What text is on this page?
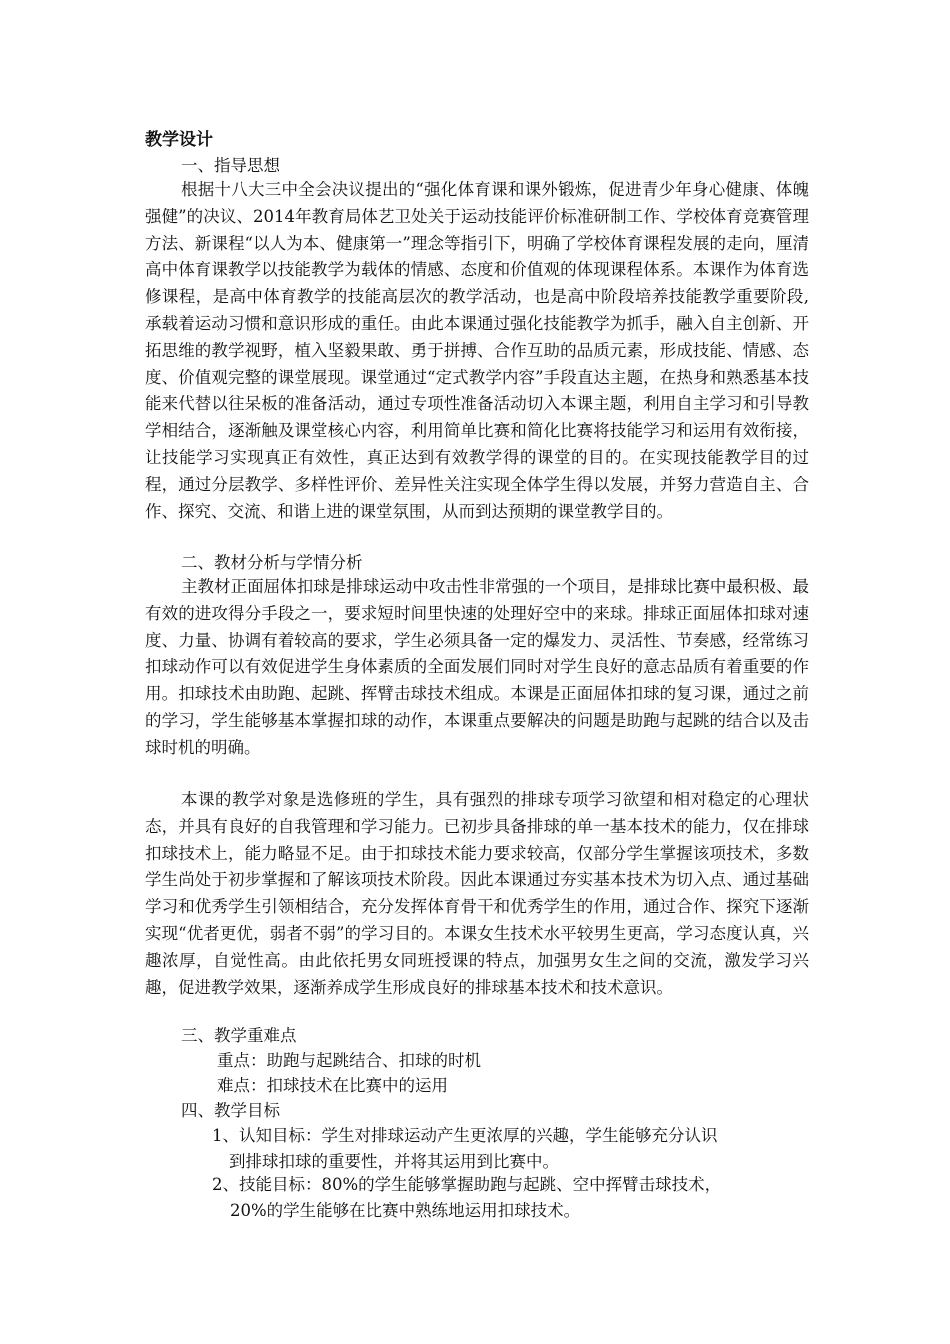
教学设计
一、指导思想

根据十八大三中全会决议提出的“强化体育课和课外锻炼，促进青少年身心健康、体魄强健”的决议、2014年教育局体艺卫处关于运动技能评价标准研制工作、学校体育竞赛管理方法、新课程“以人为本、健康第一”理念等指引下，明确了学校体育课程发展的走向，厘清高中体育课教学以技能教学为载体的情感、态度和价值观的体现课程体系。本课作为体育选修课程，是高中体育教学的技能高层次的教学活动，也是高中阶段培养技能教学重要阶段,承载着运动习惯和意识形成的重任。由此本课通过强化技能教学为抓手，融入自主创新、开拓思维的教学视野，植入坚毅果敢、勇于拼搏、合作互助的品质元素，形成技能、情感、态度、价值观完整的课堂展现。课堂通过“定式教学内容”手段直达主题，在热身和熟悉基本技能来代替以往呆板的准备活动，通过专项性准备活动切入本课主题，利用自主学习和引导教学相结合，逐渐触及课堂核心内容，利用简单比赛和简化比赛将技能学习和运用有效衔接，让技能学习实现真正有效性，真正达到有效教学得的课堂的目的。在实现技能教学目的过程，通过分层教学、多样性评价、差异性关注实现全体学生得以发展，并努力营造自主、合作、探究、交流、和谐上进的课堂氛围，从而到达预期的课堂教学目的。

二、教材分析与学情分析

主教材正面屈体扣球是排球运动中攻击性非常强的一个项目，是排球比赛中最积极、最有效的进攻得分手段之一，要求短时间里快速的处理好空中的来球。排球正面屈体扣球对速度、力量、协调有着较高的要求，学生必须具备一定的爆发力、灵活性、节奏感，经常练习扣球动作可以有效促进学生身体素质的全面发展们同时对学生良好的意志品质有着重要的作用。扣球技术由助跑、起跳、挥臂击球技术组成。本课是正面屈体扣球的复习课，通过之前的学习，学生能够基本掌握扣球的动作，本课重点要解决的问题是助跑与起跳的结合以及击球时机的明确。

本课的教学对象是选修班的学生，具有强烈的排球专项学习欲望和相对稳定的心理状态，并具有良好的自我管理和学习能力。已初步具备排球的单一基本技术的能力，仅在排球扣球技术上，能力略显不足。由于扣球技术能力要求较高，仅部分学生掌握该项技术，多数学生尚处于初步掌握和了解该项技术阶段。因此本课通过夯实基本技术为切入点、通过基础学习和优秀学生引领相结合，充分发挥体育骨干和优秀学生的作用，通过合作、探究下逐渐实现“优者更优，弱者不弱”的学习目的。本课女生技术水平较男生更高，学习态度认真，兴趣浓厚，自觉性高。由此依托男女同班授课的特点，加强男女生之间的交流，激发学习兴趣，促进教学效果，逐渐养成学生形成良好的排球基本技术和技术意识。

三、教学重难点
重点：助跑与起跳结合、扣球的时机
难点：扣球技术在比赛中的运用
四、教学目标
1、认知目标：学生对排球运动产生更浓厚的兴趣，学生能够充分认识
到排球扣球的重要性，并将其运用到比赛中。
2、技能目标：80%的学生能够掌握助跑与起跳、空中挥臂击球技术，
20%的学生能够在比赛中熟练地运用扣球技术。
